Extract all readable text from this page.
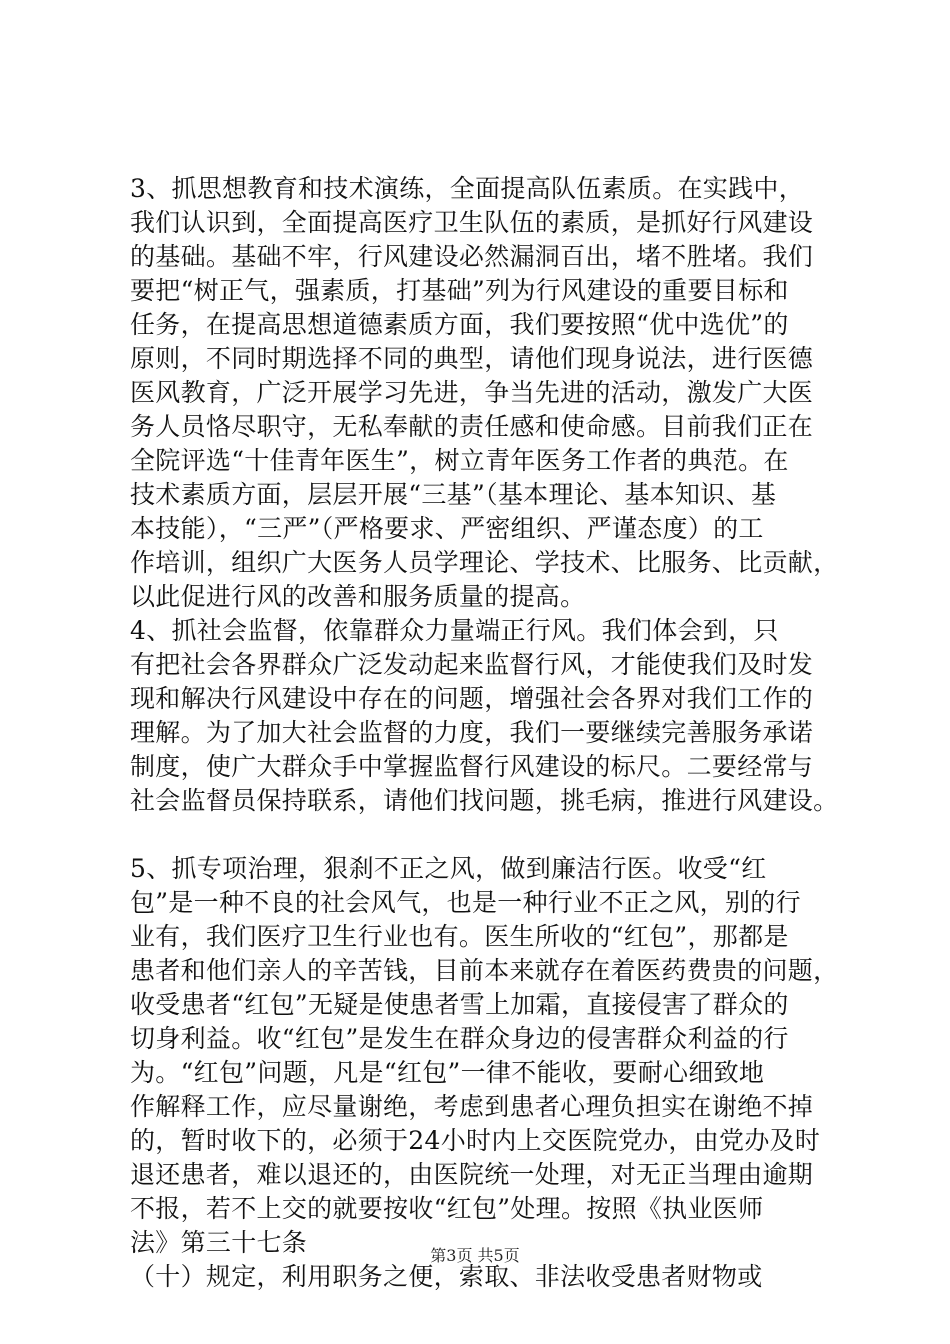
3、抓思想教育和技术演练，全面提高队伍素质。在实践中，
我们认识到，全面提高医疗卫生队伍的素质，是抓好行风建设
的基础。基础不牢，行风建设必然漏洞百出，堵不胜堵。我们
要把“树正气，强素质，打基础”列为行风建设的重要目标和
任务，在提高思想道德素质方面，我们要按照“优中选优”的
原则，不同时期选择不同的典型，请他们现身说法，进行医德
医风教育，广泛开展学习先进，争当先进的活动，激发广大医
务人员恪尽职守，无私奉献的责任感和使命感。目前我们正在
全院评选“十佳青年医生”，树立青年医务工作者的典范。在
技术素质方面，层层开展“三基”（基本理论、基本知识、基
本技能），“三严”（严格要求、严密组织、严谨态度）的工
作培训，组织广大医务人员学理论、学技术、比服务、比贡献，
以此促进行风的改善和服务质量的提高。
4、抓社会监督，依靠群众力量端正行风。我们体会到，只
有把社会各界群众广泛发动起来监督行风，才能使我们及时发
现和解决行风建设中存在的问题，增强社会各界对我们工作的
理解。为了加大社会监督的力度，我们一要继续完善服务承诺
制度，使广大群众手中掌握监督行风建设的标尺。二要经常与
社会监督员保持联系，请他们找问题，挑毛病，推进行风建设。
5、抓专项治理，狠刹不正之风，做到廉洁行医。收受“红
包”是一种不良的社会风气，也是一种行业不正之风，别的行
业有，我们医疗卫生行业也有。医生所收的“红包”，那都是
患者和他们亲人的辛苦钱，目前本来就存在着医药费贵的问题，
收受患者“红包”无疑是使患者雪上加霜，直接侵害了群众的
切身利益。收“红包”是发生在群众身边的侵害群众利益的行
为。“红包”问题，凡是“红包”一律不能收，要耐心细致地
作解释工作，应尽量谢绝，考虑到患者心理负担实在谢绝不掉
的，暂时收下的，必须于24小时内上交医院党办，由党办及时
退还患者，难以退还的，由医院统一处理，对无正当理由逾期
不报，若不上交的就要按收“红包”处理。按照《执业医师
法》第三十七条
（十）规定，利用职务之便，索取、非法收受患者财物或
第3页 共5页
